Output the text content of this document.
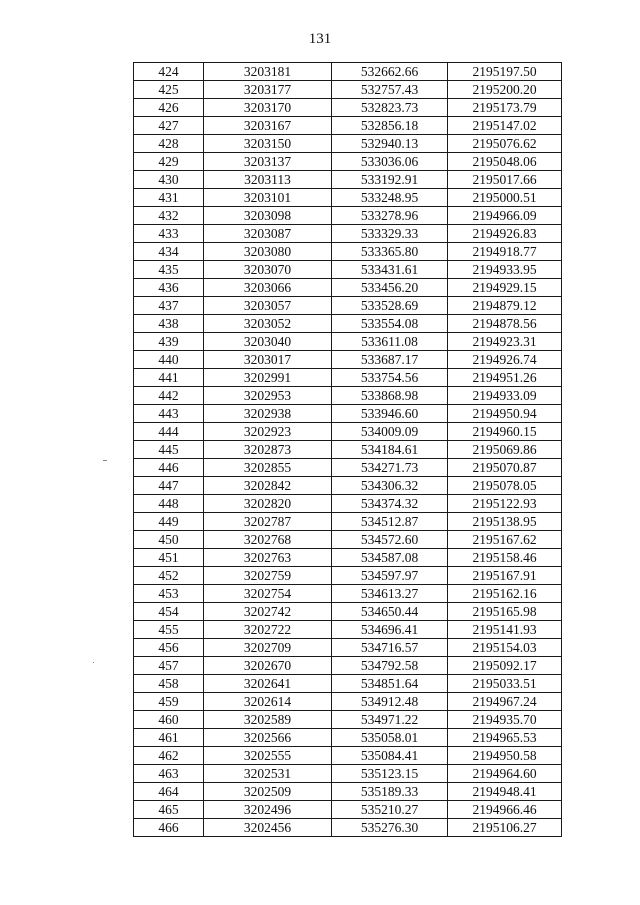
131
424	3203181	532662.66	2195197.50
425	3203177	532757.43	2195200.20
426	3203170	532823.73	2195173.79
427	3203167	532856.18	2195147.02
428	3203150	532940.13	2195076.62
429	3203137	533036.06	2195048.06
430	3203113	533192.91	2195017.66
431	3203101	533248.95	2195000.51
432	3203098	533278.96	2194966.09
433	3203087	533329.33	2194926.83
434	3203080	533365.80	2194918.77
435	3203070	533431.61	2194933.95
436	3203066	533456.20	2194929.15
437	3203057	533528.69	2194879.12
438	3203052	533554.08	2194878.56
439	3203040	533611.08	2194923.31
440	3203017	533687.17	2194926.74
441	3202991	533754.56	2194951.26
442	3202953	533868.98	2194933.09
443	3202938	533946.60	2194950.94
444	3202923	534009.09	2194960.15
445	3202873	534184.61	2195069.86
446	3202855	534271.73	2195070.87
447	3202842	534306.32	2195078.05
448	3202820	534374.32	2195122.93
449	3202787	534512.87	2195138.95
450	3202768	534572.60	2195167.62
451	3202763	534587.08	2195158.46
452	3202759	534597.97	2195167.91
453	3202754	534613.27	2195162.16
454	3202742	534650.44	2195165.98
455	3202722	534696.41	2195141.93
456	3202709	534716.57	2195154.03
457	3202670	534792.58	2195092.17
458	3202641	534851.64	2195033.51
459	3202614	534912.48	2194967.24
460	3202589	534971.22	2194935.70
461	3202566	535058.01	2194965.53
462	3202555	535084.41	2194950.58
463	3202531	535123.15	2194964.60
464	3202509	535189.33	2194948.41
465	3202496	535210.27	2194966.46
466	3202456	535276.30	2195106.27
